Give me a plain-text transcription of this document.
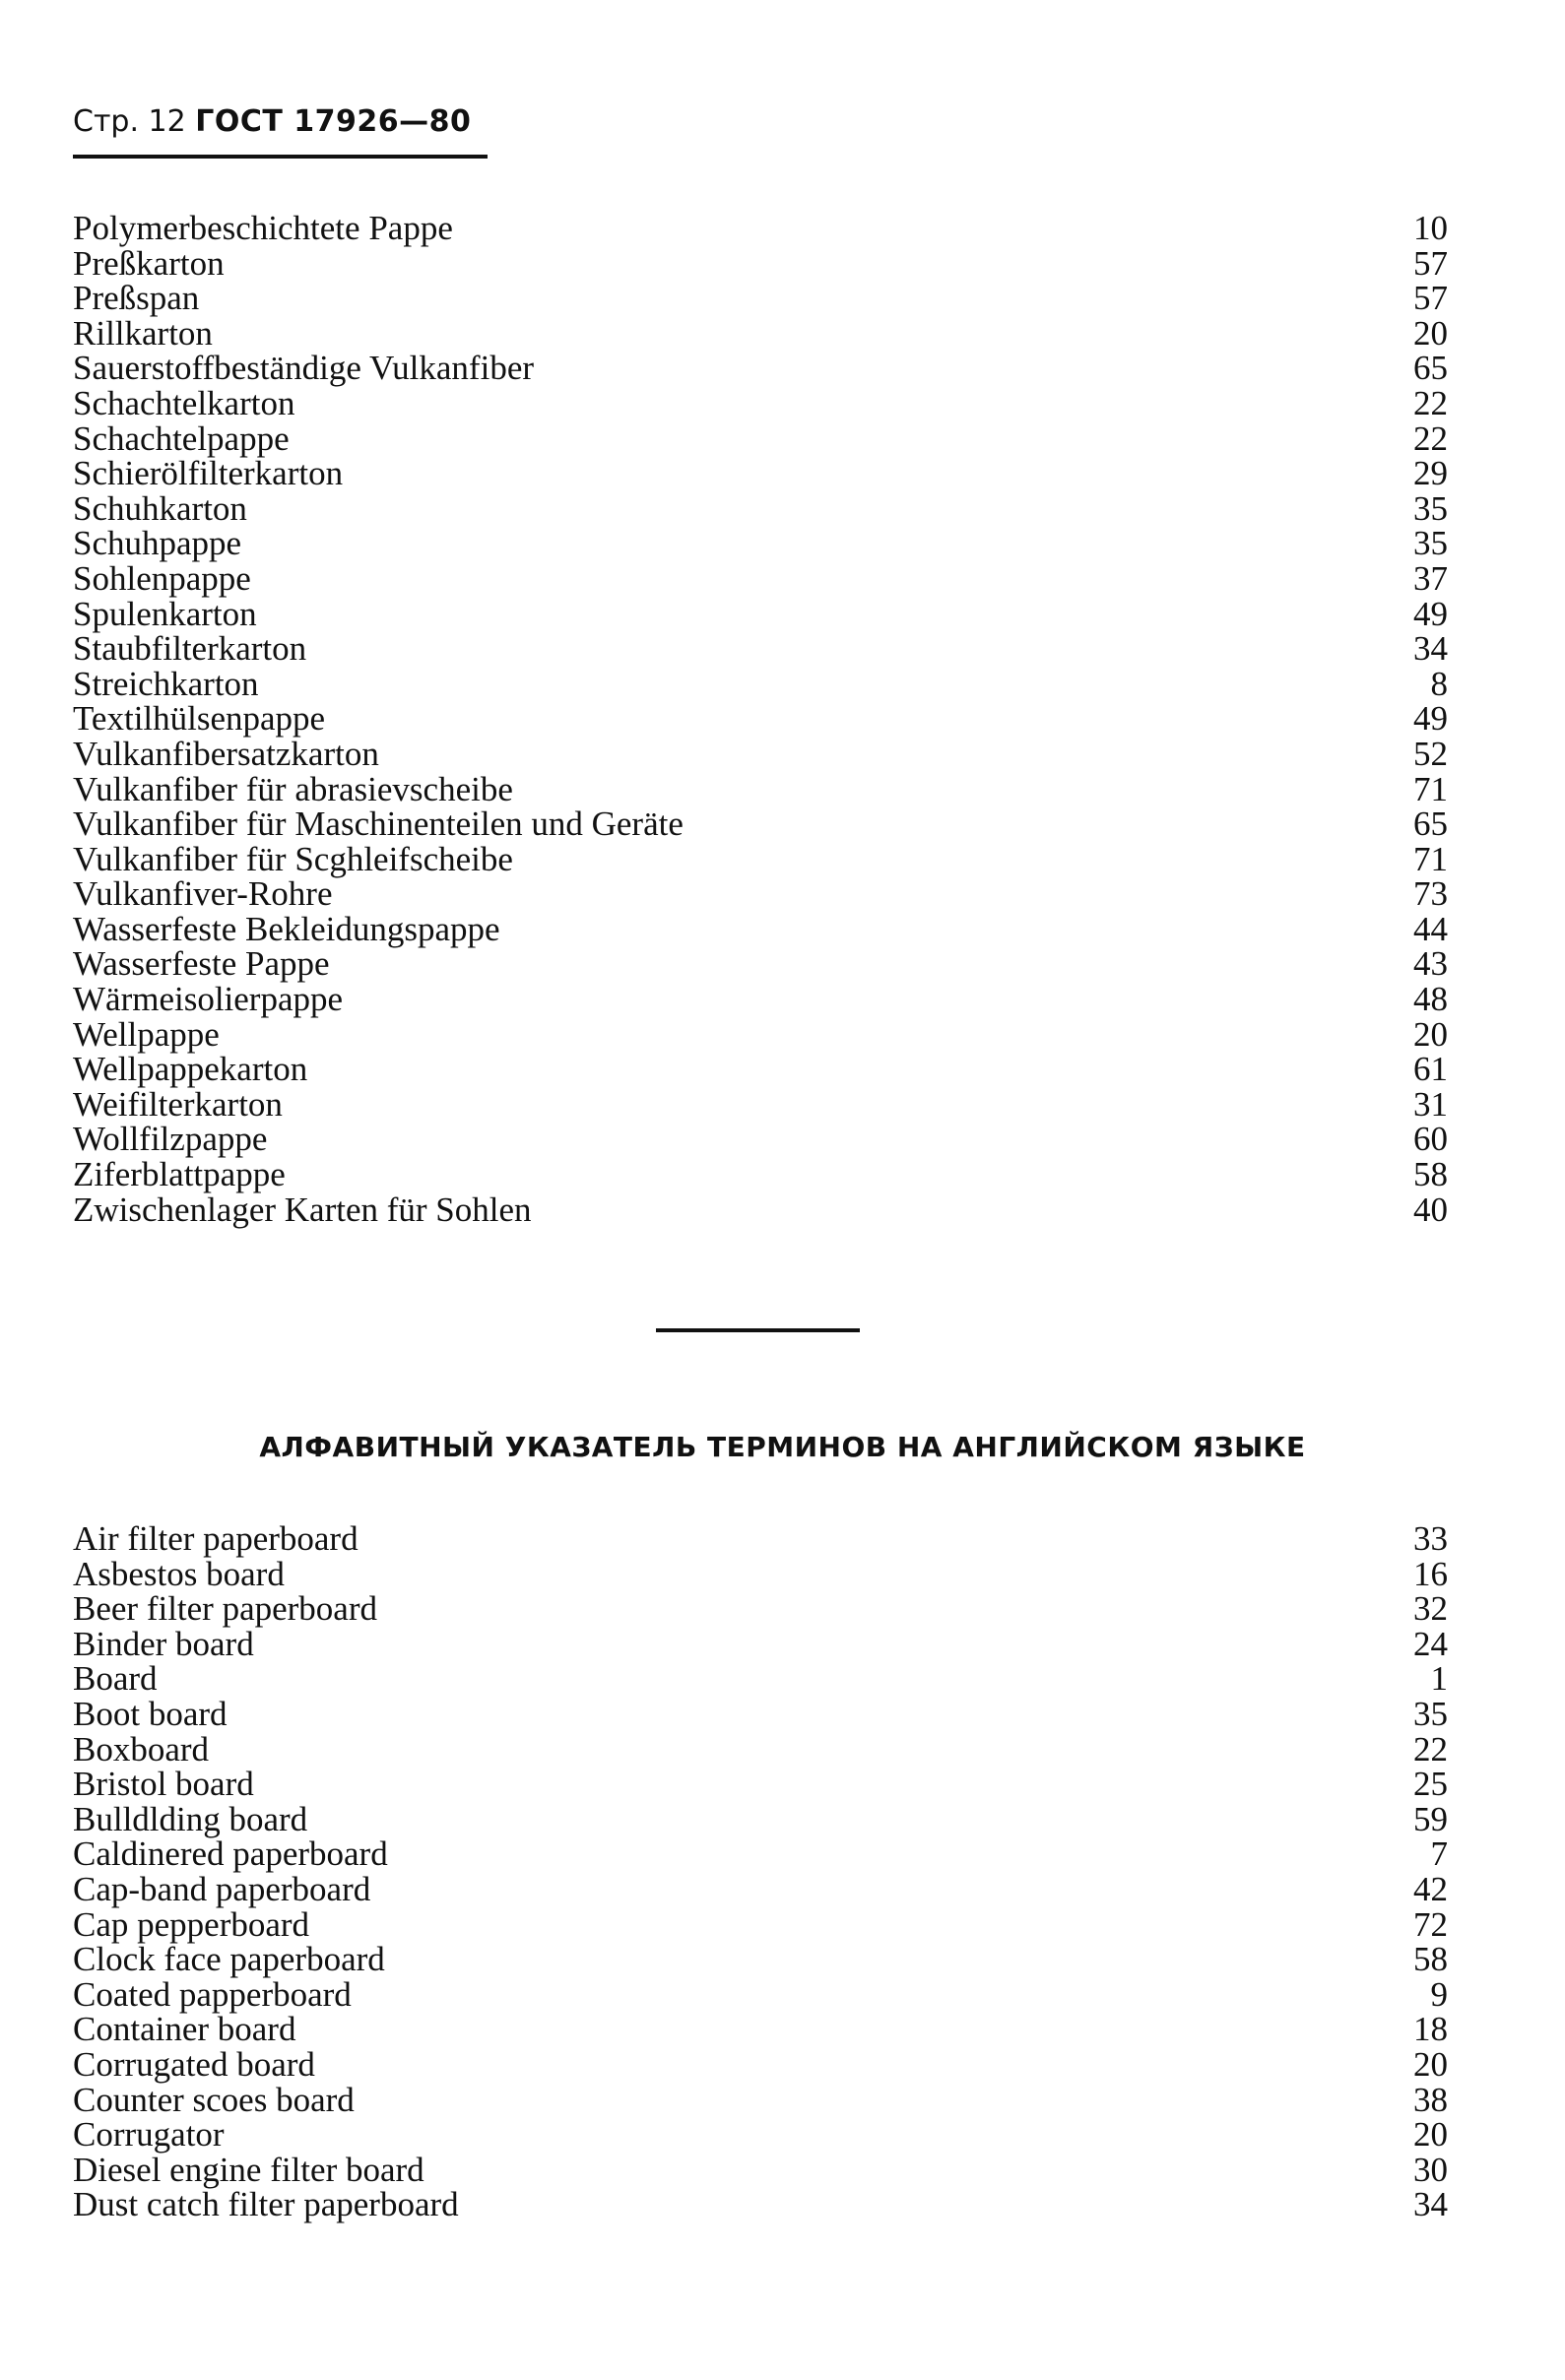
Стр. 12 ГОСТ 17926—80
Polymerbeschichtete Pappe	10
Preßkarton	57
Preßspan	57
Rillkarton	20
Sauerstoffbeständige Vulkanfiber	65
Schachtelkarton	22
Schachtelpappe	22
Schierölfilterkarton	29
Schuhkarton	35
Schuhpappe	35
Sohlenpappe	37
Spulenkarton	49
Staubfilterkarton	34
Streichkarton	8
Textilhülsenpappe	49
Vulkanfibersatzkarton	52
Vulkanfiber für abrasievscheibe	71
Vulkanfiber für Maschinenteilen und Geräte	65
Vulkanfiber für Scghleifscheibe	71
Vulkanfiver-Rohre	73
Wasserfeste Bekleidungspappe	44
Wasserfeste Pappe	43
Wärmeisolierpappe	48
Wellpappe	20
Wellpappekarton	61
Weifilterkarton	31
Wollfilzpappe	60
Ziferblattpappe	58
Zwischenlager Karten für Sohlen	40
АЛФАВИТНЫЙ УКАЗАТЕЛЬ ТЕРМИНОВ НА АНГЛИЙСКОМ ЯЗЫКЕ
Air filter paperboard	33
Asbestos board	16
Beer filter paperboard	32
Binder board	24
Board	1
Boot board	35
Boxboard	22
Bristol board	25
Bulldlding board	59
Caldinered paperboard	7
Cap-band paperboard	42
Cap pepperboard	72
Clock face paperboard	58
Coated papperboard	9
Container board	18
Corrugated board	20
Counter scoes board	38
Corrugator	20
Diesel engine filter board	30
Dust catch filter paperboard	34
